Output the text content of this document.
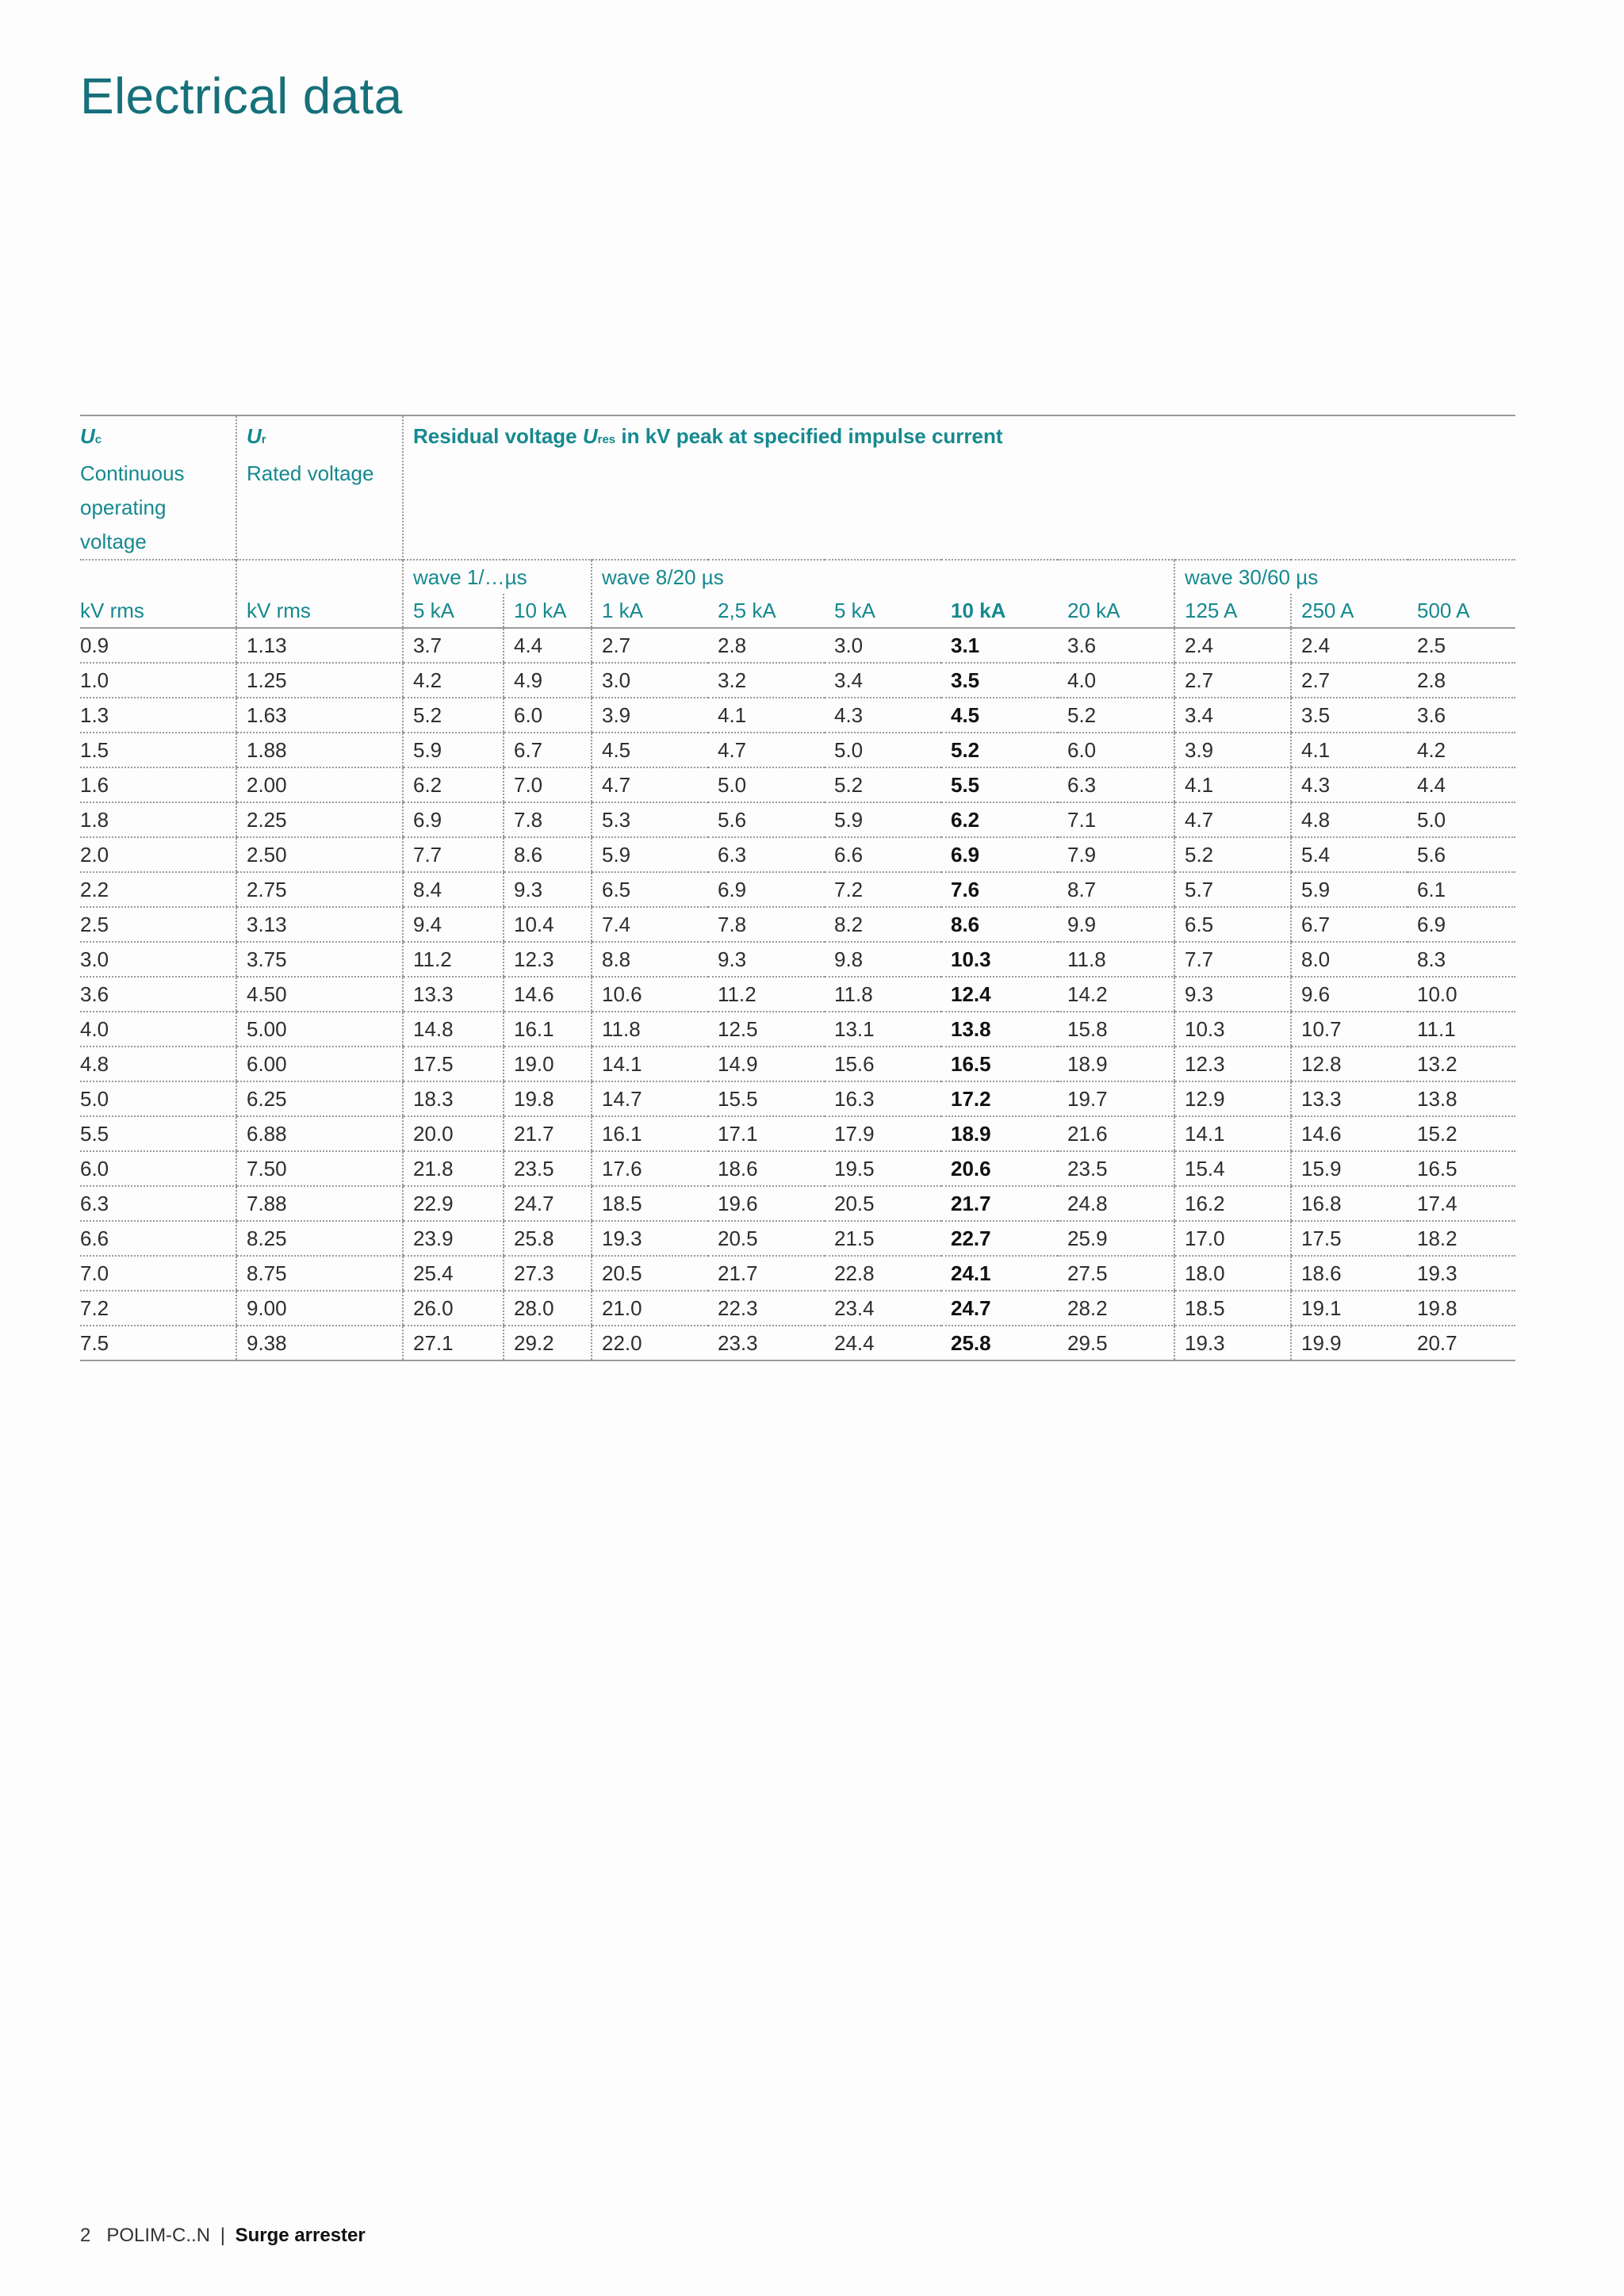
Electrical data
Uc
Continuous
operating
voltage	Ur
Rated voltage	Residual voltage Ures in kV peak at specified impulse current									
		wave 1/…µs		wave 8/20 µs					wave 30/60 µs		
kV rms	kV rms	5 kA	10 kA	1 kA	2,5 kA	5 kA	10 kA	20 kA	125 A	250 A	500 A
0.9	1.13	3.7	4.4	2.7	2.8	3.0	3.1	3.6	2.4	2.4	2.5
1.0	1.25	4.2	4.9	3.0	3.2	3.4	3.5	4.0	2.7	2.7	2.8
1.3	1.63	5.2	6.0	3.9	4.1	4.3	4.5	5.2	3.4	3.5	3.6
1.5	1.88	5.9	6.7	4.5	4.7	5.0	5.2	6.0	3.9	4.1	4.2
1.6	2.00	6.2	7.0	4.7	5.0	5.2	5.5	6.3	4.1	4.3	4.4
1.8	2.25	6.9	7.8	5.3	5.6	5.9	6.2	7.1	4.7	4.8	5.0
2.0	2.50	7.7	8.6	5.9	6.3	6.6	6.9	7.9	5.2	5.4	5.6
2.2	2.75	8.4	9.3	6.5	6.9	7.2	7.6	8.7	5.7	5.9	6.1
2.5	3.13	9.4	10.4	7.4	7.8	8.2	8.6	9.9	6.5	6.7	6.9
3.0	3.75	11.2	12.3	8.8	9.3	9.8	10.3	11.8	7.7	8.0	8.3
3.6	4.50	13.3	14.6	10.6	11.2	11.8	12.4	14.2	9.3	9.6	10.0
4.0	5.00	14.8	16.1	11.8	12.5	13.1	13.8	15.8	10.3	10.7	11.1
4.8	6.00	17.5	19.0	14.1	14.9	15.6	16.5	18.9	12.3	12.8	13.2
5.0	6.25	18.3	19.8	14.7	15.5	16.3	17.2	19.7	12.9	13.3	13.8
5.5	6.88	20.0	21.7	16.1	17.1	17.9	18.9	21.6	14.1	14.6	15.2
6.0	7.50	21.8	23.5	17.6	18.6	19.5	20.6	23.5	15.4	15.9	16.5
6.3	7.88	22.9	24.7	18.5	19.6	20.5	21.7	24.8	16.2	16.8	17.4
6.6	8.25	23.9	25.8	19.3	20.5	21.5	22.7	25.9	17.0	17.5	18.2
7.0	8.75	25.4	27.3	20.5	21.7	22.8	24.1	27.5	18.0	18.6	19.3
7.2	9.00	26.0	28.0	21.0	22.3	23.4	24.7	28.2	18.5	19.1	19.8
7.5	9.38	27.1	29.2	22.0	23.3	24.4	25.8	29.5	19.3	19.9	20.7
2 POLIM-C..N | Surge arrester
